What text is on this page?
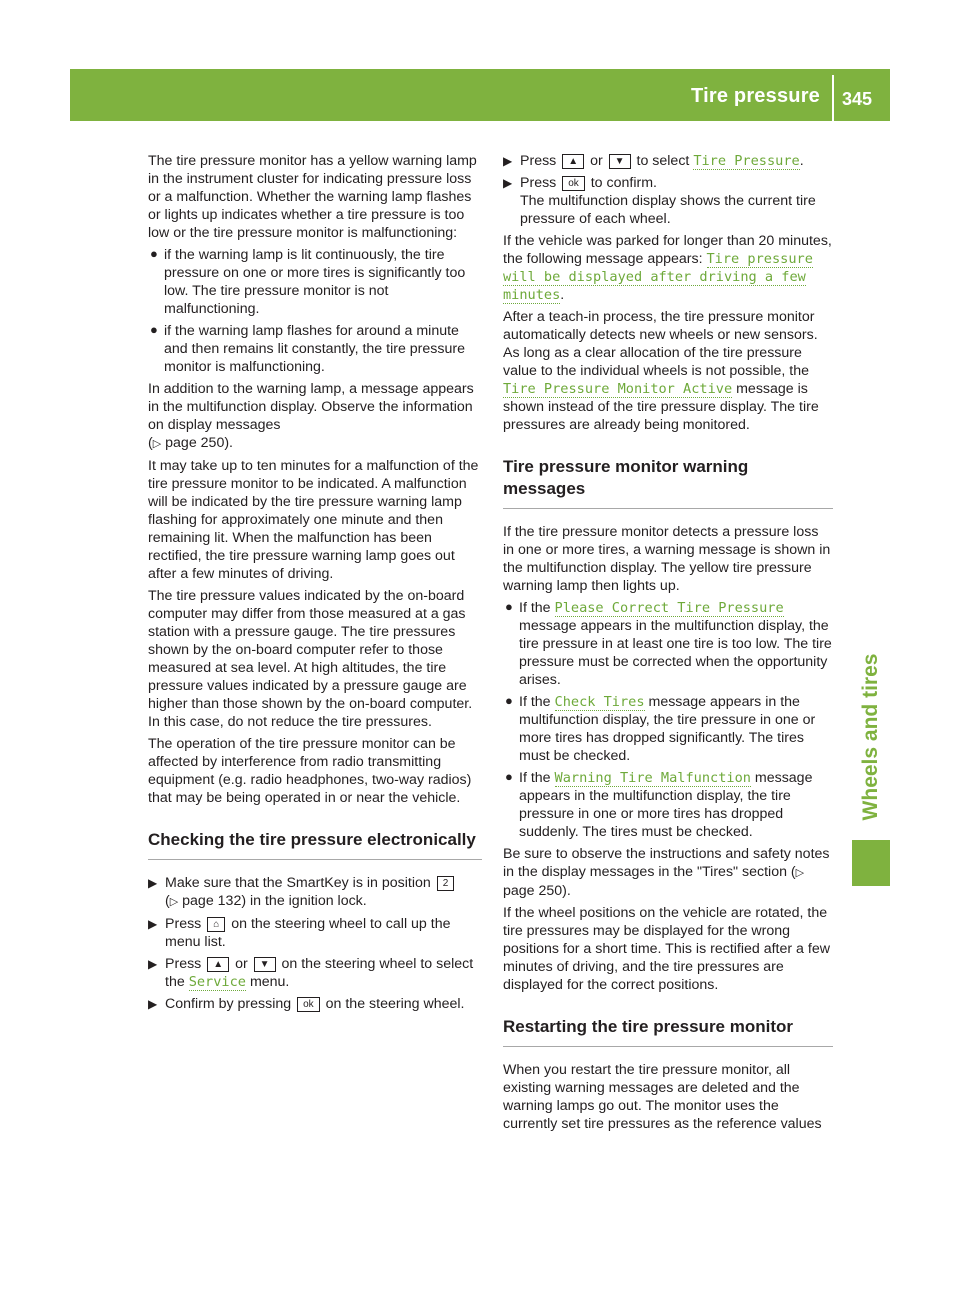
Tire pressure 345
Wheels and tires

The tire pressure monitor has a yellow warning lamp in the instrument cluster for indicating pressure loss or a malfunction. Whether the warning lamp flashes or lights up indicates whether a tire pressure is too low or the tire pressure monitor is malfunctioning:

● if the warning lamp is lit continuously, the tire pressure on one or more tires is significantly too low. The tire pressure monitor is not malfunctioning.
● if the warning lamp flashes for around a minute and then remains lit constantly, the tire pressure monitor is malfunctioning.

In addition to the warning lamp, a message appears in the multifunction display. Observe the information on display messages
(▷ page 250).

It may take up to ten minutes for a malfunction of the tire pressure monitor to be indicated. A malfunction will be indicated by the tire pressure warning lamp flashing for approximately one minute and then remaining lit. When the malfunction has been rectified, the tire pressure warning lamp goes out after a few minutes of driving.

The tire pressure values indicated by the on-board computer may differ from those measured at a gas station with a pressure gauge. The tire pressures shown by the on-board computer refer to those measured at sea level. At high altitudes, the tire pressure values indicated by a pressure gauge are higher than those shown by the on-board computer. In this case, do not reduce the tire pressures.

The operation of the tire pressure monitor can be affected by interference from radio transmitting equipment (e.g. radio headphones, two-way radios) that may be being operated in or near the vehicle.

Checking the tire pressure electronically
▶ Make sure that the SmartKey is in position 2
(▷ page 132) in the ignition lock.
▶ Press ⌂ on the steering wheel to call up the menu list.
▶ Press ▲ or ▼ on the steering wheel to select the Service menu.
▶ Confirm by pressing ok on the steering wheel.
▶ Press ▲ or ▼ to select Tire Pressure.
▶ Press ok to confirm.
The multifunction display shows the current tire pressure of each wheel.

If the vehicle was parked for longer than 20 minutes, the following message appears: Tire pressure will be displayed after driving a few minutes.

After a teach-in process, the tire pressure monitor automatically detects new wheels or new sensors. As long as a clear allocation of the tire pressure value to the individual wheels is not possible, the Tire Pressure Monitor Active message is shown instead of the tire pressure display. The tire pressures are already being monitored.

Tire pressure monitor warning messages

If the tire pressure monitor detects a pressure loss in one or more tires, a warning message is shown in the multifunction display. The yellow tire pressure warning lamp then lights up.

● If the Please Correct Tire Pressure message appears in the multifunction display, the tire pressure in at least one tire is too low. The tire pressure must be corrected when the opportunity arises.
● If the Check Tires message appears in the multifunction display, the tire pressure in one or more tires has dropped significantly. The tires must be checked.
● If the Warning Tire Malfunction message appears in the multifunction display, the tire pressure in one or more tires has dropped suddenly. The tires must be checked.

Be sure to observe the instructions and safety notes in the display messages in the "Tires" section (▷ page 250).

If the wheel positions on the vehicle are rotated, the tire pressures may be displayed for the wrong positions for a short time. This is rectified after a few minutes of driving, and the tire pressures are displayed for the correct positions.

Restarting the tire pressure monitor

When you restart the tire pressure monitor, all existing warning messages are deleted and the warning lamps go out. The monitor uses the currently set tire pressures as the reference values
